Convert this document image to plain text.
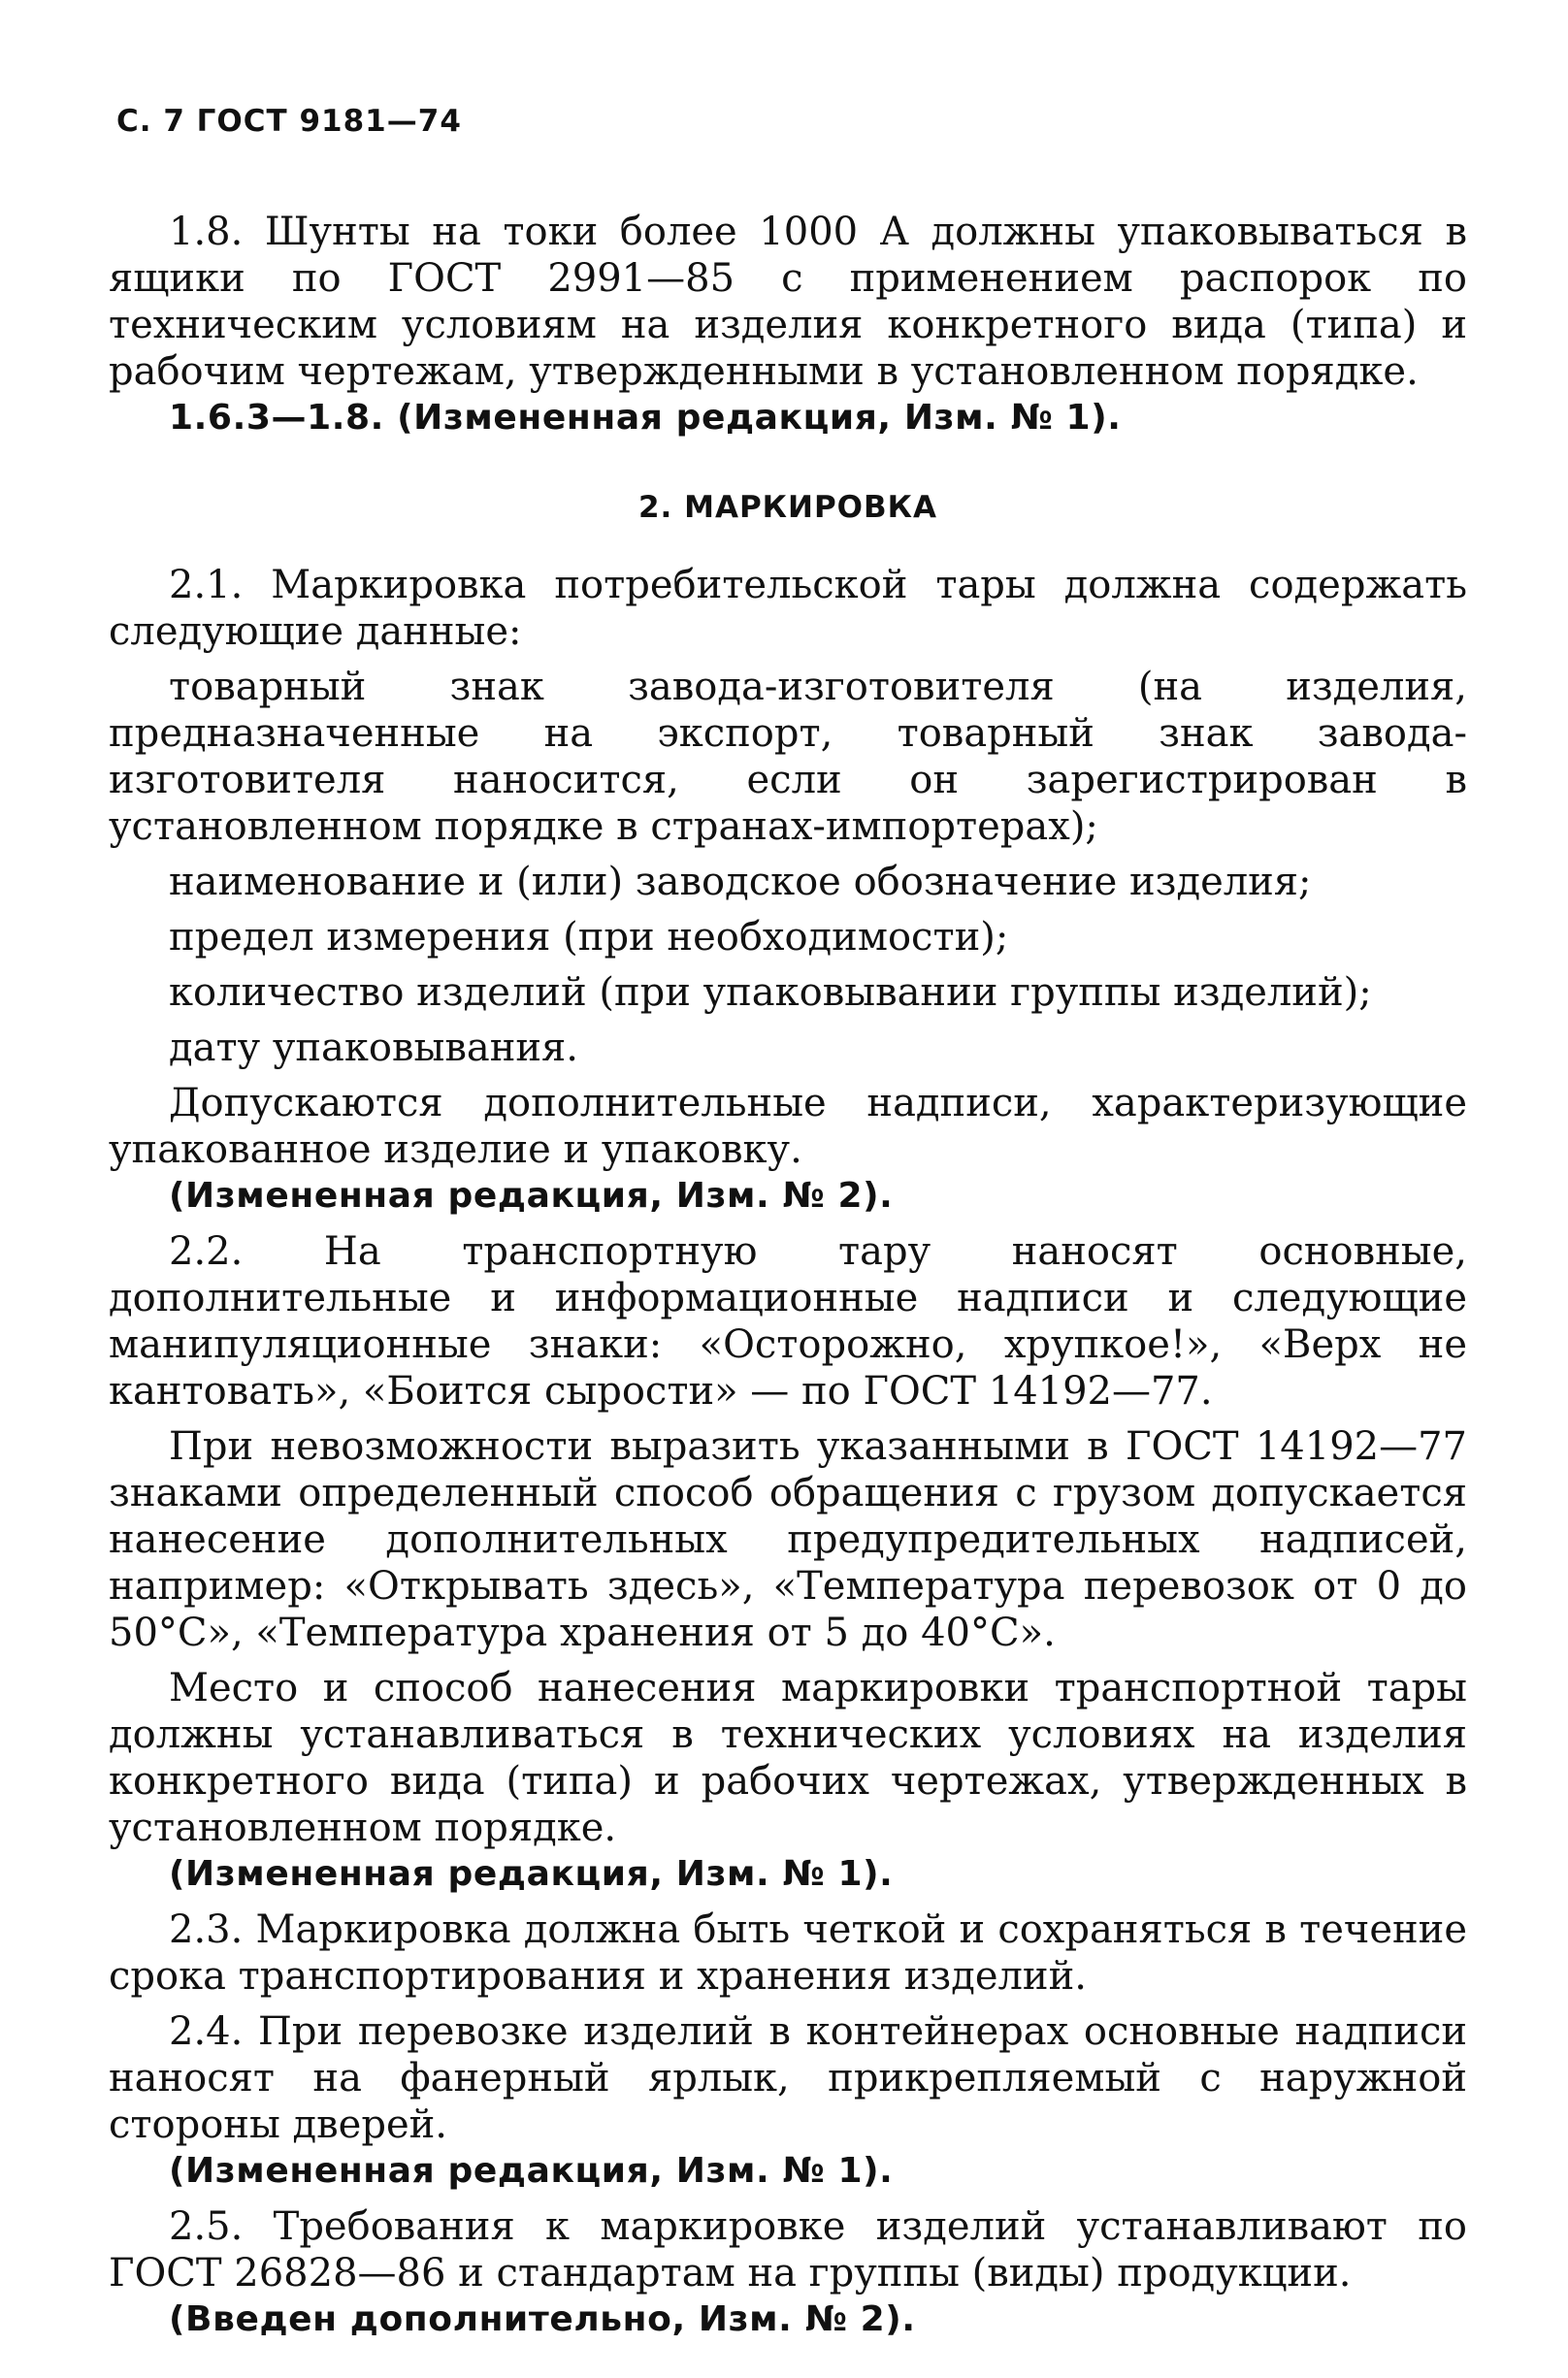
С. 7 ГОСТ 9181—74

1.8. Шунты на токи более 1000 А должны упаковываться в ящики по ГОСТ 2991—85 с применением распорок по техническим условиям на изделия конкретного вида (типа) и рабочим чертежам, утвержденными в установленном порядке.

1.6.3—1.8. (Измененная редакция, Изм. № 1).

2. МАРКИРОВКА

2.1. Маркировка потребительской тары должна содержать следующие данные:

товарный знак завода-изготовителя (на изделия, предназначенные на экспорт, товарный знак завода-изготовителя наносится, если он зарегистрирован в установленном порядке в странах-импортерах);

наименование и (или) заводское обозначение изделия;

предел измерения (при необходимости);

количество изделий (при упаковывании группы изделий);

дату упаковывания.

Допускаются дополнительные надписи, характеризующие упакованное изделие и упаковку.

(Измененная редакция, Изм. № 2).

2.2. На транспортную тару наносят основные, дополнительные и информационные надписи и следующие манипуляционные знаки: «Осторожно, хрупкое!», «Верх не кантовать», «Боится сырости» — по ГОСТ 14192—77.

При невозможности выразить указанными в ГОСТ 14192—77 знаками определенный способ обращения с грузом допускается нанесение дополнительных предупредительных надписей, например: «Открывать здесь», «Температура перевозок от 0 до 50°С», «Температура хранения от 5 до 40°С».

Место и способ нанесения маркировки транспортной тары должны устанавливаться в технических условиях на изделия конкретного вида (типа) и рабочих чертежах, утвержденных в установленном порядке.

(Измененная редакция, Изм. № 1).

2.3. Маркировка должна быть четкой и сохраняться в течение срока транспортирования и хранения изделий.

2.4. При перевозке изделий в контейнерах основные надписи наносят на фанерный ярлык, прикрепляемый с наружной стороны дверей.

(Измененная редакция, Изм. № 1).

2.5. Требования к маркировке изделий устанавливают по ГОСТ 26828—86 и стандартам на группы (виды) продукции.

(Введен дополнительно, Изм. № 2).
